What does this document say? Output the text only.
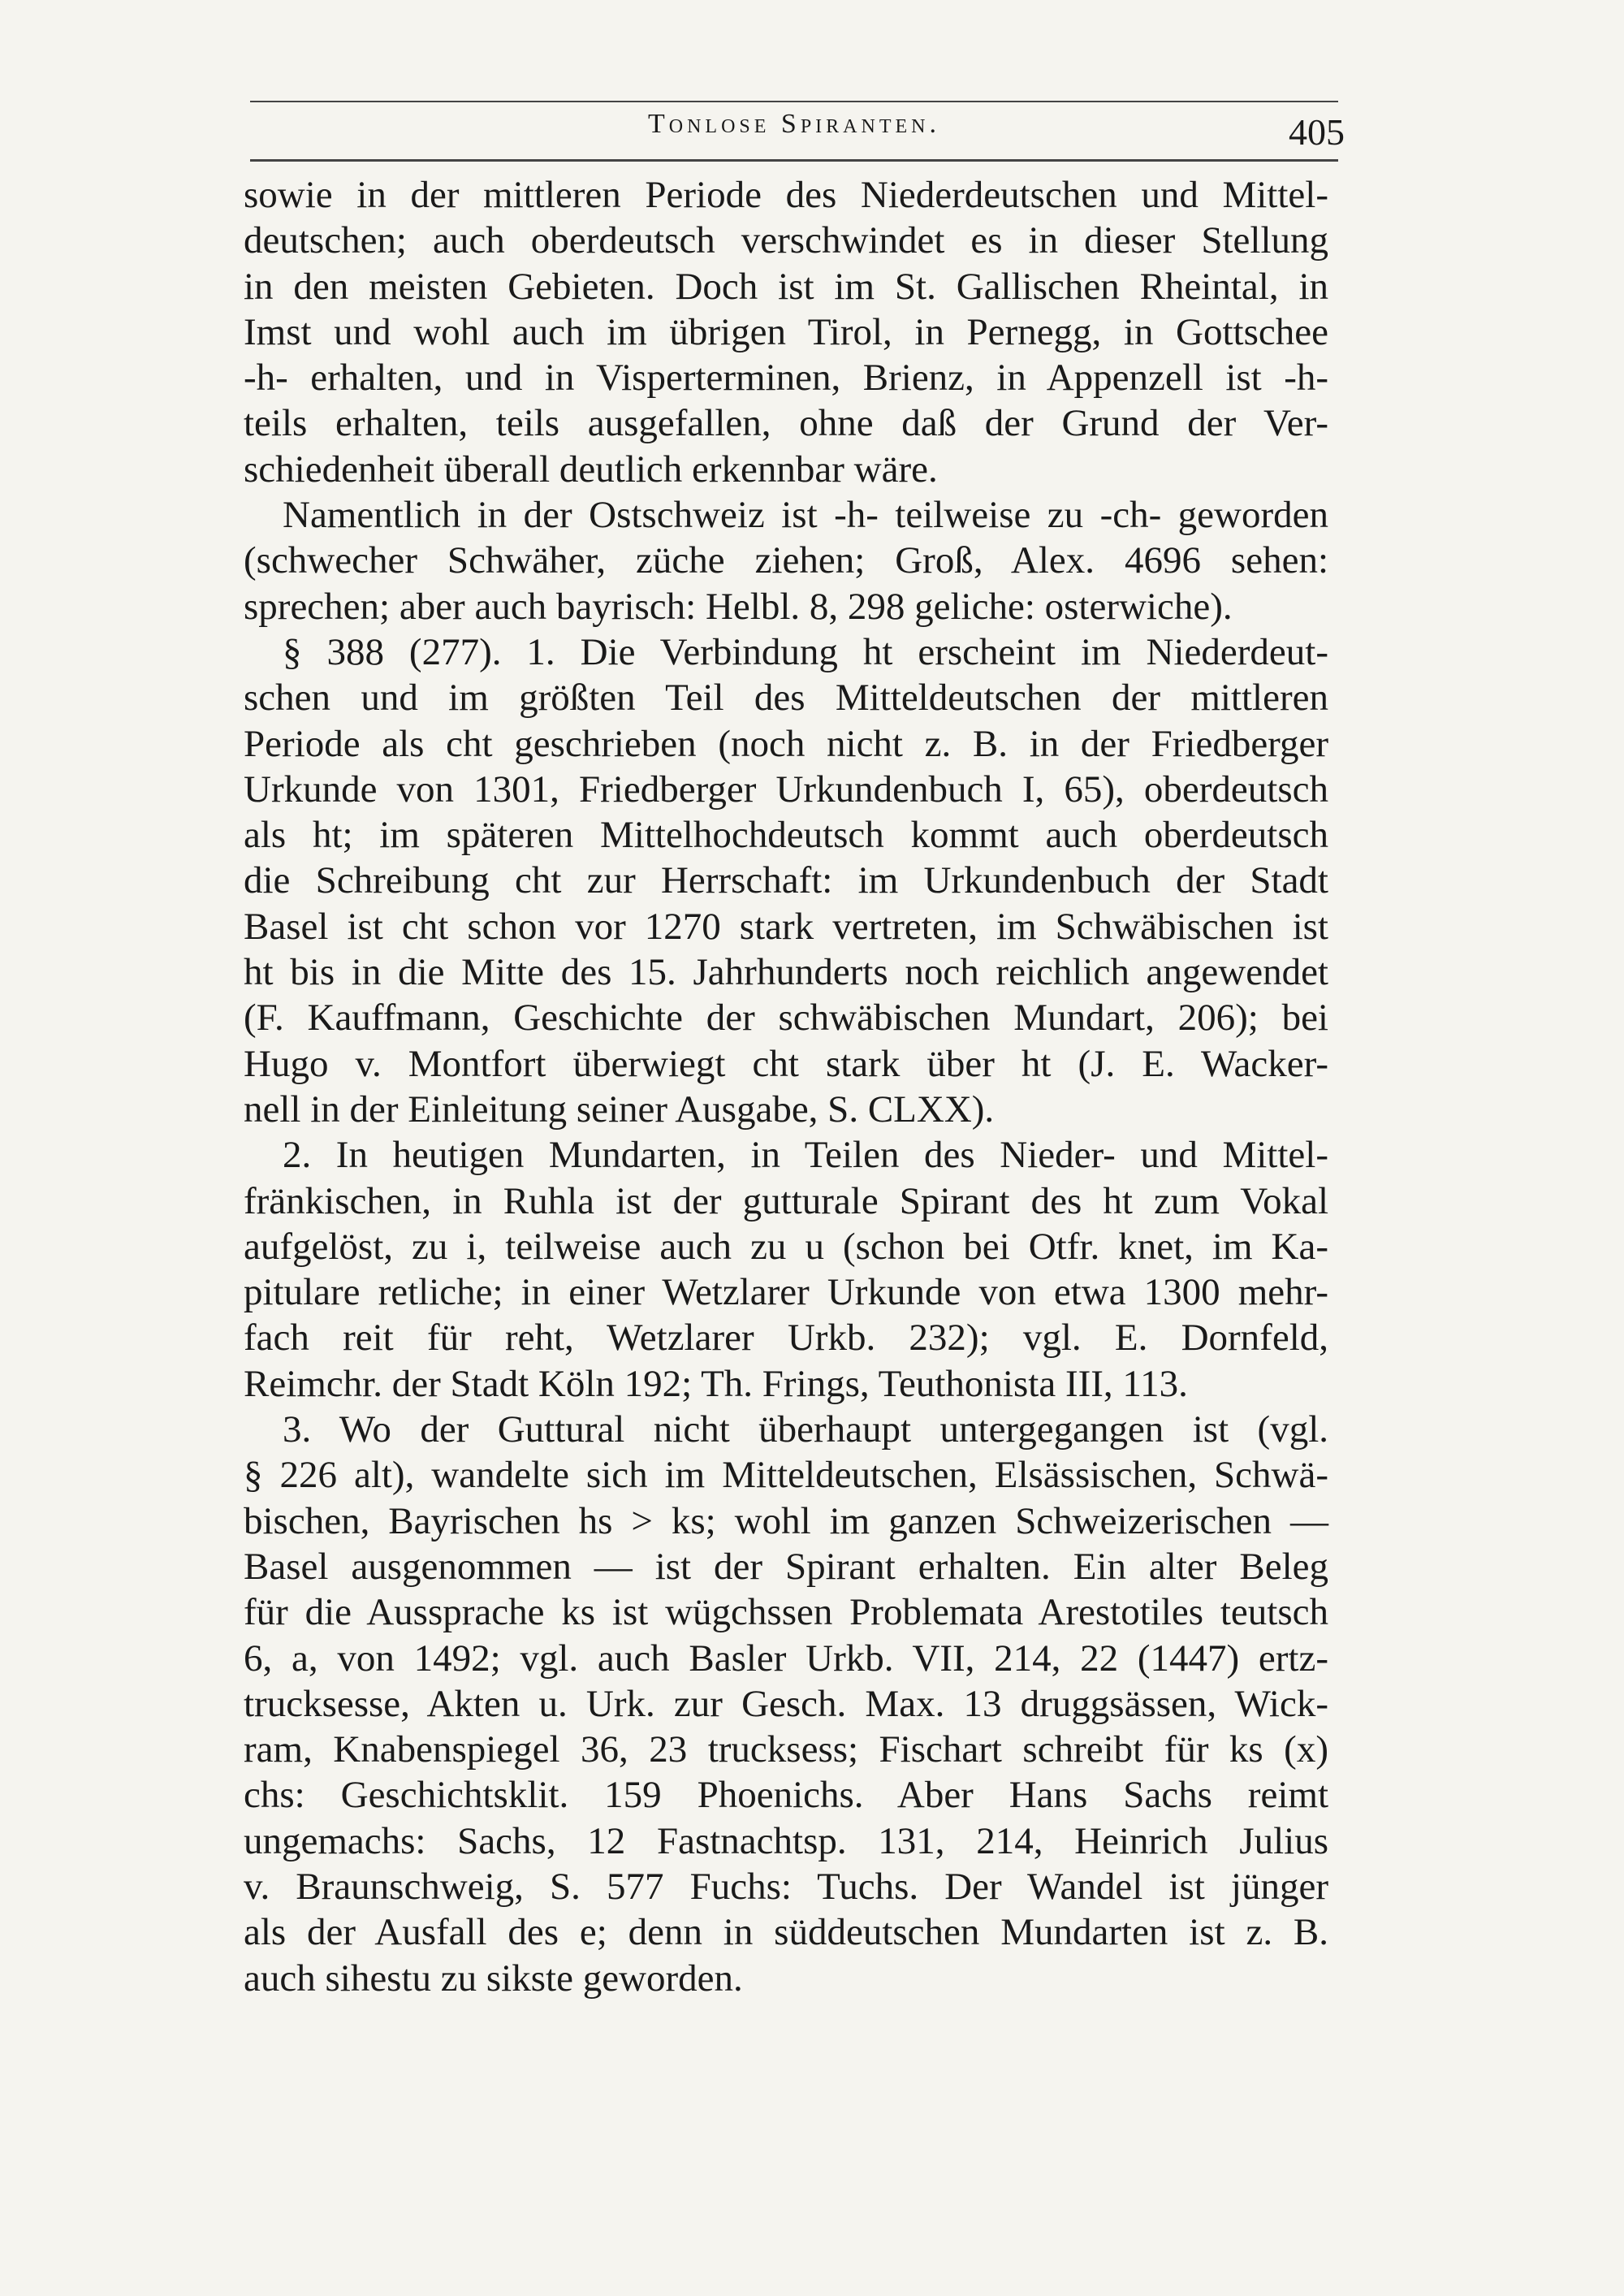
Tonlose Spiranten.	405
sowie in der mittleren Periode des Niederdeutschen und Mittel-
deutschen; auch oberdeutsch verschwindet es in dieser Stellung
in den meisten Gebieten. Doch ist im St. Gallischen Rheintal, in
Imst und wohl auch im übrigen Tirol, in Pernegg, in Gottschee
-h- erhalten, und in Visperterminen, Brienz, in Appenzell ist -h-
teils erhalten, teils ausgefallen, ohne daß der Grund der Ver-
schiedenheit überall deutlich erkennbar wäre.
Namentlich in der Ostschweiz ist -h- teilweise zu -ch- geworden
(schwecher Schwäher, züche ziehen; Groß, Alex. 4696 sehen:
sprechen; aber auch bayrisch: Helbl. 8, 298 geliche: osterwiche).
§ 388 (277). 1. Die Verbindung ht erscheint im Niederdeut-
schen und im größten Teil des Mitteldeutschen der mittleren
Periode als cht geschrieben (noch nicht z. B. in der Friedberger
Urkunde von 1301, Friedberger Urkundenbuch I, 65), oberdeutsch
als ht; im späteren Mittelhochdeutsch kommt auch oberdeutsch
die Schreibung cht zur Herrschaft: im Urkundenbuch der Stadt
Basel ist cht schon vor 1270 stark vertreten, im Schwäbischen ist
ht bis in die Mitte des 15. Jahrhunderts noch reichlich angewendet
(F. Kauffmann, Geschichte der schwäbischen Mundart, 206); bei
Hugo v. Montfort überwiegt cht stark über ht (J. E. Wacker-
nell in der Einleitung seiner Ausgabe, S. CLXX).
2. In heutigen Mundarten, in Teilen des Nieder- und Mittel-
fränkischen, in Ruhla ist der gutturale Spirant des ht zum Vokal
aufgelöst, zu i, teilweise auch zu u (schon bei Otfr. knet, im Ka-
pitulare retliche; in einer Wetzlarer Urkunde von etwa 1300 mehr-
fach reit für reht, Wetzlarer Urkb. 232); vgl. E. Dornfeld,
Reimchr. der Stadt Köln 192; Th. Frings, Teuthonista III, 113.
3. Wo der Guttural nicht überhaupt untergegangen ist (vgl.
§ 226 alt), wandelte sich im Mitteldeutschen, Elsässischen, Schwä-
bischen, Bayrischen hs > ks; wohl im ganzen Schweizerischen —
Basel ausgenommen — ist der Spirant erhalten. Ein alter Beleg
für die Aussprache ks ist wügchssen Problemata Arestotiles teutsch
6, a, von 1492; vgl. auch Basler Urkb. VII, 214, 22 (1447) ertz-
trucksesse, Akten u. Urk. zur Gesch. Max. 13 druggsässen, Wick-
ram, Knabenspiegel 36, 23 trucksess; Fischart schreibt für ks (x)
chs: Geschichtsklit. 159 Phoenichs. Aber Hans Sachs reimt
ungemachs: Sachs, 12 Fastnachtsp. 131, 214, Heinrich Julius
v. Braunschweig, S. 577 Fuchs: Tuchs. Der Wandel ist jünger
als der Ausfall des e; denn in süddeutschen Mundarten ist z. B.
auch sihestu zu sikste geworden.
